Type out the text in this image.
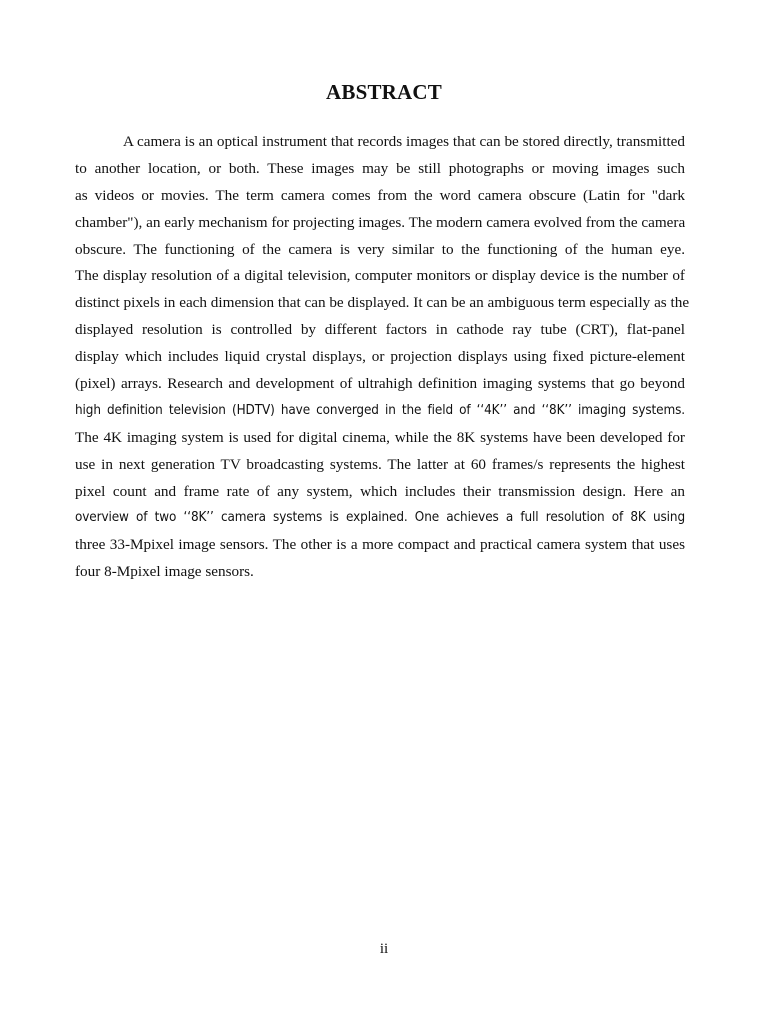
ABSTRACT
A camera is an optical instrument that records images that can be stored directly, transmitted
to another location, or both. These images may be still photographs or moving images such
as videos or movies. The term camera comes from the word camera obscure (Latin for "dark
chamber"), an early mechanism for projecting images. The modern camera evolved from the camera
obscure. The functioning of the camera is very similar to the functioning of the human eye.
The display resolution of a digital television, computer monitors or display device is the number of
distinct pixels in each dimension that can be displayed. It can be an ambiguous term especially as the
displayed resolution is controlled by different factors in cathode ray tube (CRT), flat-panel
display which includes liquid crystal displays, or projection displays using fixed picture-element
(pixel) arrays. Research and development of ultrahigh definition imaging systems that go beyond
high definition television (HDTV) have converged in the field of ‘‘4K’’ and ‘‘8K’’ imaging systems.
The 4K imaging system is used for digital cinema, while the 8K systems have been developed for
use in next generation TV broadcasting systems. The latter at 60 frames/s represents the highest
pixel count and frame rate of any system, which includes their transmission design. Here an
overview of two ‘‘8K’’ camera systems is explained. One achieves a full resolution of 8K using
three 33-Mpixel image sensors. The other is a more compact and practical camera system that uses
four 8-Mpixel image sensors.
ii
